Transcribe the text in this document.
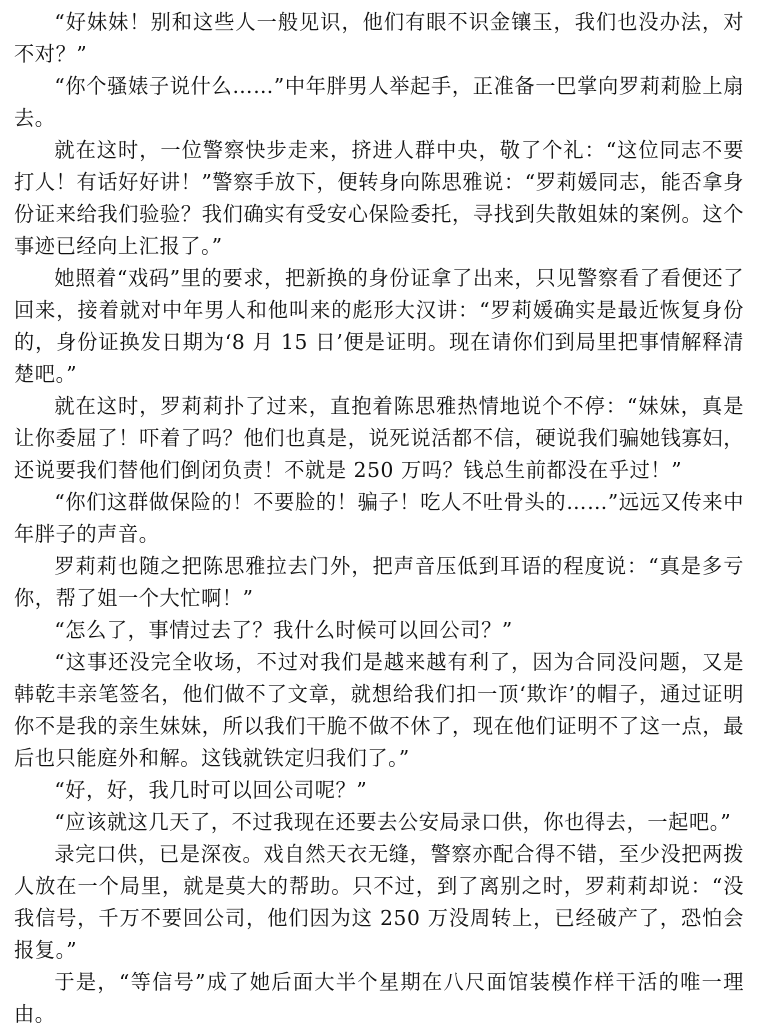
“好妹妹！别和这些人一般见识，他们有眼不识金镶玉，我们也没办法，对不对？”

“你个骚婊子说什么……”中年胖男人举起手，正准备一巴掌向罗莉莉脸上扇去。

就在这时，一位警察快步走来，挤进人群中央，敬了个礼：“这位同志不要打人！有话好好讲！”警察手放下，便转身向陈思雅说：“罗莉媛同志，能否拿身份证来给我们验验？我们确实有受安心保险委托，寻找到失散姐妹的案例。这个事迹已经向上汇报了。”

她照着“戏码”里的要求，把新换的身份证拿了出来，只见警察看了看便还了回来，接着就对中年男人和他叫来的彪形大汉讲：“罗莉媛确实是最近恢复身份的，身份证换发日期为‘8 月 15 日’便是证明。现在请你们到局里把事情解释清楚吧。”

就在这时，罗莉莉扑了过来，直抱着陈思雅热情地说个不停：“妹妹，真是让你委屈了！吓着了吗？他们也真是，说死说活都不信，硬说我们骗她钱寡妇，还说要我们替他们倒闭负责！不就是 250 万吗？钱总生前都没在乎过！”

“你们这群做保险的！不要脸的！骗子！吃人不吐骨头的……”远远又传来中年胖子的声音。

罗莉莉也随之把陈思雅拉去门外，把声音压低到耳语的程度说：“真是多亏你，帮了姐一个大忙啊！”

“怎么了，事情过去了？我什么时候可以回公司？”

“这事还没完全收场，不过对我们是越来越有利了，因为合同没问题，又是韩乾丰亲笔签名，他们做不了文章，就想给我们扣一顶‘欺诈’的帽子，通过证明你不是我的亲生妹妹，所以我们干脆不做不休了，现在他们证明不了这一点，最后也只能庭外和解。这钱就铁定归我们了。”

“好，好，我几时可以回公司呢？”

“应该就这几天了，不过我现在还要去公安局录口供，你也得去，一起吧。”

录完口供，已是深夜。戏自然天衣无缝，警察亦配合得不错，至少没把两拨人放在一个局里，就是莫大的帮助。只不过，到了离别之时，罗莉莉却说：“没我信号，千万不要回公司，他们因为这 250 万没周转上，已经破产了，恐怕会报复。”

于是，“等信号”成了她后面大半个星期在八尺面馆装模作样干活的唯一理由。
